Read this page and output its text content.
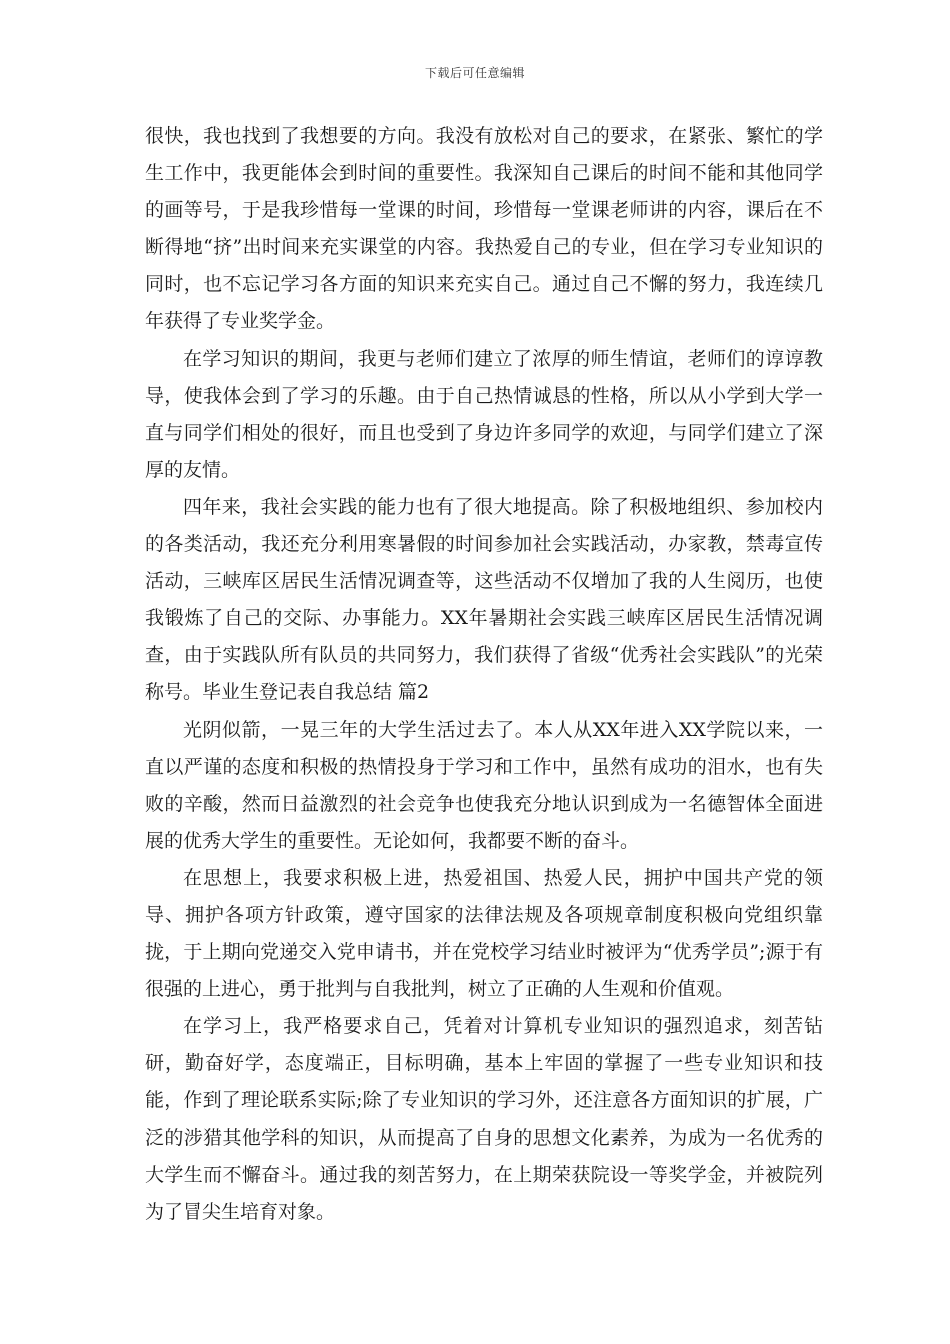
下载后可任意编辑

很快，我也找到了我想要的方向。我没有放松对自己的要求，在紧张、繁忙的学生工作中，我更能体会到时间的重要性。我深知自己课后的时间不能和其他同学的画等号，于是我珍惜每一堂课的时间，珍惜每一堂课老师讲的内容，课后在不断得地“挤”出时间来充实课堂的内容。我热爱自己的专业，但在学习专业知识的同时，也不忘记学习各方面的知识来充实自己。通过自己不懈的努力，我连续几年获得了专业奖学金。

在学习知识的期间，我更与老师们建立了浓厚的师生情谊，老师们的谆谆教导，使我体会到了学习的乐趣。由于自己热情诚恳的性格，所以从小学到大学一直与同学们相处的很好，而且也受到了身边许多同学的欢迎，与同学们建立了深厚的友情。

四年来，我社会实践的能力也有了很大地提高。除了积极地组织、参加校内的各类活动，我还充分利用寒暑假的时间参加社会实践活动，办家教，禁毒宣传活动，三峡库区居民生活情况调查等，这些活动不仅增加了我的人生阅历，也使我锻炼了自己的交际、办事能力。XX年暑期社会实践三峡库区居民生活情况调查，由于实践队所有队员的共同努力，我们获得了省级“优秀社会实践队”的光荣称号。毕业生登记表自我总结 篇2

光阴似箭，一晃三年的大学生活过去了。本人从XX年进入XX学院以来，一直以严谨的态度和积极的热情投身于学习和工作中，虽然有成功的泪水，也有失败的辛酸，然而日益激烈的社会竞争也使我充分地认识到成为一名德智体全面进展的优秀大学生的重要性。无论如何，我都要不断的奋斗。

在思想上，我要求积极上进，热爱祖国、热爱人民，拥护中国共产党的领导、拥护各项方针政策，遵守国家的法律法规及各项规章制度积极向党组织靠拢，于上期向党递交入党申请书，并在党校学习结业时被评为“优秀学员”;源于有很强的上进心，勇于批判与自我批判，树立了正确的人生观和价值观。

在学习上，我严格要求自己，凭着对计算机专业知识的强烈追求，刻苦钻研，勤奋好学，态度端正，目标明确，基本上牢固的掌握了一些专业知识和技能，作到了理论联系实际;除了专业知识的学习外，还注意各方面知识的扩展，广泛的涉猎其他学科的知识，从而提高了自身的思想文化素养，为成为一名优秀的大学生而不懈奋斗。通过我的刻苦努力，在上期荣获院设一等奖学金，并被院列为了冒尖生培育对象。
